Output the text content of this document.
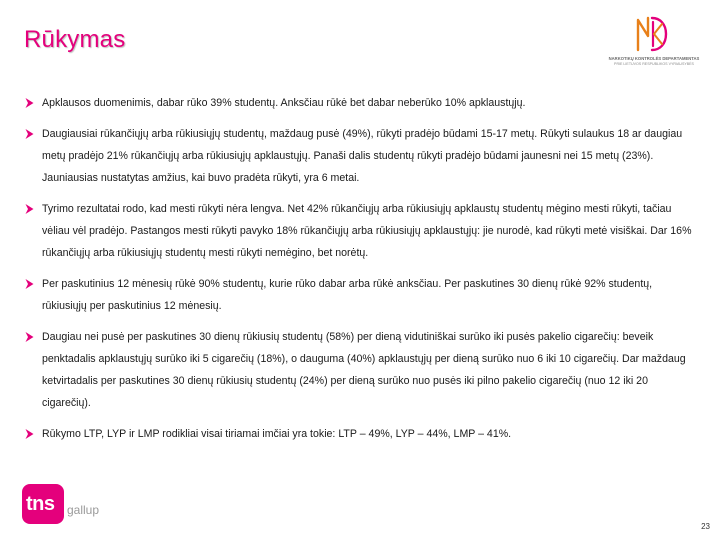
Rūkymas
NARKOTIKŲ KONTROLĖS DEPARTAMENTAS
PRIE LIETUVOS RESPUBLIKOS VYRIAUSYBĖS
Apklausos duomenimis, dabar rūko 39% studentų. Anksčiau rūkė bet dabar neberūko 10% apklaustųjų.
Daugiausiai rūkančiųjų arba rūkiusiųjų studentų, maždaug pusė (49%), rūkyti pradėjo būdami 15-17 metų. Rūkyti sulaukus 18 ar daugiau metų pradėjo 21% rūkančiųjų arba rūkiusiųjų apklaustųjų. Panaši dalis studentų rūkyti pradėjo būdami jaunesni nei 15 metų (23%). Jauniausias nustatytas amžius, kai buvo pradėta rūkyti, yra 6 metai.
Tyrimo rezultatai rodo, kad mesti rūkyti nėra lengva. Net 42% rūkančiųjų arba rūkiusiųjų apklaustų studentų mėgino mesti rūkyti, tačiau vėliau vėl pradėjo. Pastangos mesti rūkyti pavyko 18% rūkančiųjų arba rūkiusiųjų apklaustųjų: jie nurodė, kad rūkyti metė visiškai. Dar 16% rūkančiųjų arba rūkiusiųjų studentų mesti rūkyti nemėgino, bet norėtų.
Per paskutinius 12 mėnesių rūkė 90% studentų, kurie rūko dabar arba rūkė anksčiau. Per paskutines 30 dienų rūkė 92% studentų, rūkiusiųjų per paskutinius 12 mėnesių.
Daugiau nei pusė per paskutines 30 dienų rūkiusių studentų (58%) per dieną vidutiniškai surūko iki pusės pakelio cigarečių: beveik penktadalis apklaustųjų surūko iki 5 cigarečių (18%), o dauguma (40%) apklaustųjų per dieną surūko nuo 6 iki 10 cigarečių. Dar maždaug ketvirtadalis per paskutines 30 dienų rūkiusių studentų (24%) per dieną surūko nuo pusės iki pilno pakelio cigarečių (nuo 12 iki 20 cigarečių).
Rūkymo LTP, LYP ir LMP rodikliai visai tiriamai imčiai yra tokie: LTP – 49%, LYP – 44%, LMP – 41%.
tns gallup
23
